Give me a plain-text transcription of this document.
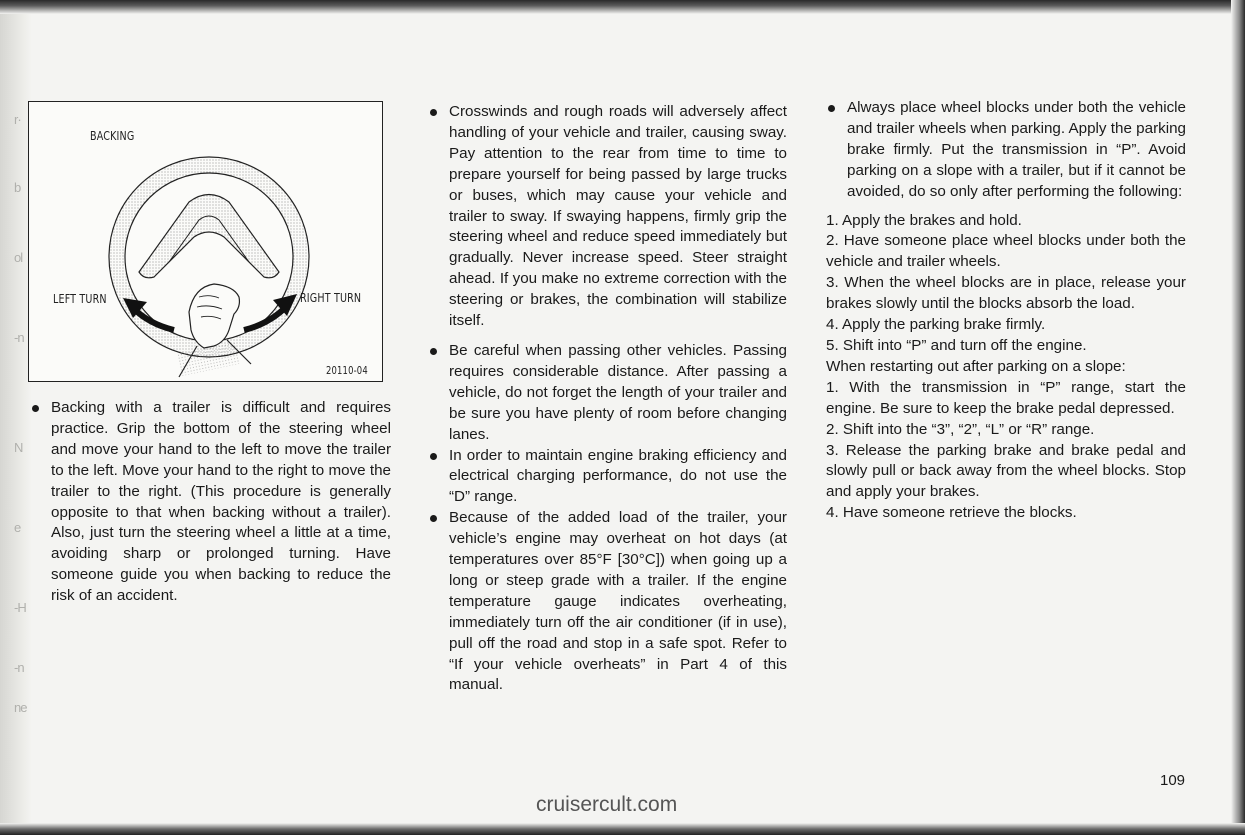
r·
b
ol
-n
N
e
-H
-n
ne
BACKING
LEFT TURN	RIGHT TURN
20110-04

Backing with a trailer is difficult and requires practice. Grip the bottom of the steering wheel and move your hand to the left to move the trailer to the left. Move your hand to the right to move the trailer to the right. (This procedure is generally opposite to that when backing without a trailer). Also, just turn the steering wheel a little at a time, avoiding sharp or prolonged turning. Have someone guide you when backing to reduce the risk of an accident.

Crosswinds and rough roads will adversely affect handling of your vehicle and trailer, causing sway. Pay attention to the rear from time to time to prepare yourself for being passed by large trucks or buses, which may cause your vehicle and trailer to sway. If swaying happens, firmly grip the steering wheel and reduce speed immediately but gradually. Never increase speed. Steer straight ahead. If you make no extreme correction with the steering or brakes, the combination will stabilize itself.

Be careful when passing other vehicles. Passing requires considerable distance. After passing a vehicle, do not forget the length of your trailer and be sure you have plenty of room before changing lanes.

In order to maintain engine braking efficiency and electrical charging performance, do not use the “D” range.

Because of the added load of the trailer, your vehicle’s engine may overheat on hot days (at temperatures over 85°F [30°C]) when going up a long or steep grade with a trailer. If the engine temperature gauge indicates overheating, immediately turn off the air conditioner (if in use), pull off the road and stop in a safe spot. Refer to “If your vehicle overheats” in Part 4 of this manual.

Always place wheel blocks under both the vehicle and trailer wheels when parking. Apply the parking brake firmly. Put the transmission in “P”. Avoid parking on a slope with a trailer, but if it cannot be avoided, do so only after performing the following:

1. Apply the brakes and hold.

2. Have someone place wheel blocks under both the vehicle and trailer wheels.

3. When the wheel blocks are in place, release your brakes slowly until the blocks absorb the load.

4. Apply the parking brake firmly.

5. Shift into “P” and turn off the engine.

When restarting out after parking on a slope:

1. With the transmission in “P” range, start the engine. Be sure to keep the brake pedal depressed.

2. Shift into the “3”, “2”, “L” or “R” range.

3. Release the parking brake and brake pedal and slowly pull or back away from the wheel blocks. Stop and apply your brakes.

4. Have someone retrieve the blocks.

109
cruisercult.com
